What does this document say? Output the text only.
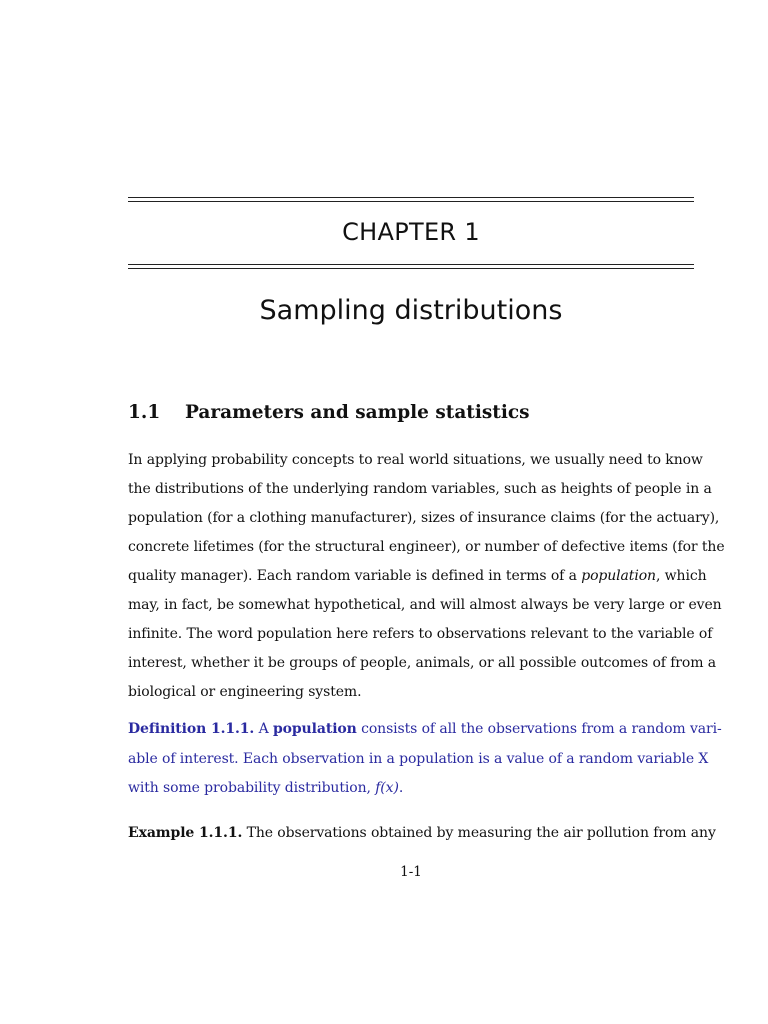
CHAPTER 1
Sampling distributions
1.1 Parameters and sample statistics
In applying probability concepts to real world situations, we usually need to know
the distributions of the underlying random variables, such as heights of people in a
population (for a clothing manufacturer), sizes of insurance claims (for the actuary),
concrete lifetimes (for the structural engineer), or number of defective items (for the
quality manager). Each random variable is defined in terms of a population, which
may, in fact, be somewhat hypothetical, and will almost always be very large or even
infinite. The word population here refers to observations relevant to the variable of
interest, whether it be groups of people, animals, or all possible outcomes of from a
biological or engineering system.
Definition 1.1.1. A population consists of all the observations from a random vari-
able of interest. Each observation in a population is a value of a random variable X
with some probability distribution, f(x).
Example 1.1.1. The observations obtained by measuring the air pollution from any
1-1
